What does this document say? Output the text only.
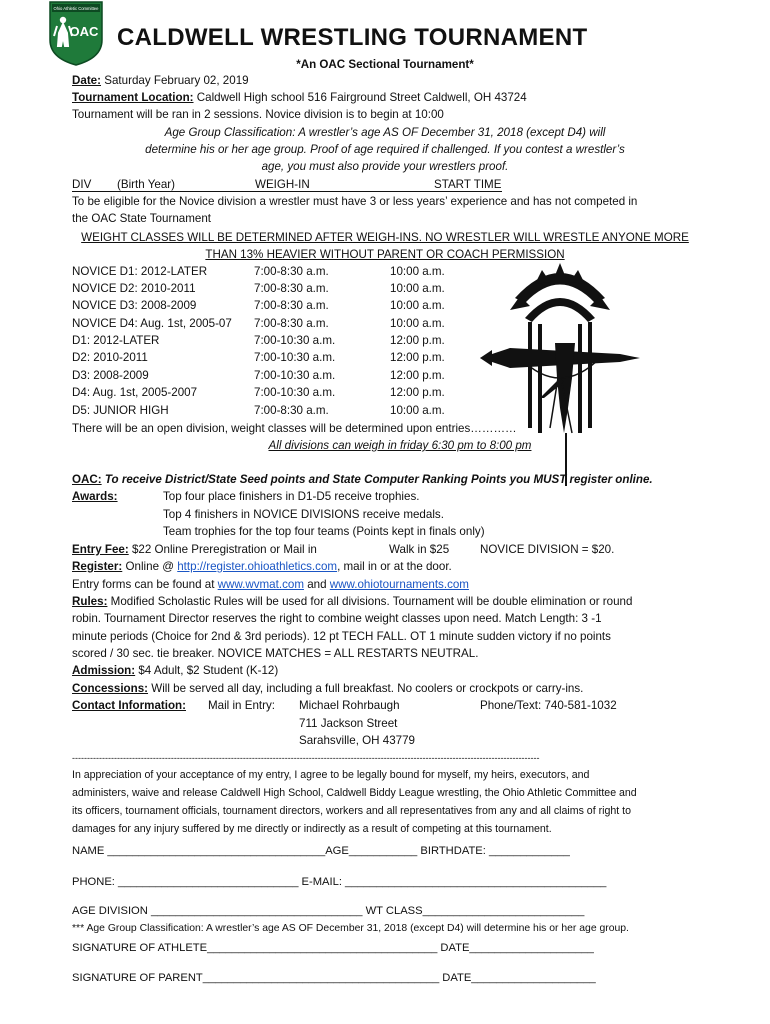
Ohio Athletic Committee
OAC CALDWELL WRESTLING TOURNAMENT
*An OAC Sectional Tournament*
Date: Saturday February 02, 2019
Tournament Location: Caldwell High school 516 Fairground Street Caldwell, OH 43724
Tournament will be ran in 2 sessions. Novice division is to begin at 10:00
Age Group Classification: A wrestler’s age AS OF December 31, 2018 (except D4) will
determine his or her age group. Proof of age required if challenged. If you contest a wrestler’s
age, you must also provide your wrestlers proof.
DIV (Birth Year)	WEIGH-IN	START TIME
To be eligible for the Novice division a wrestler must have 3 or less years’ experience and has not competed in
the OAC State Tournament
WEIGHT CLASSES WILL BE DETERMINED AFTER WEIGH-INS. NO WRESTLER WILL WRESTLE ANYONE MORE
THAN 13% HEAVIER WITHOUT PARENT OR COACH PERMISSION
NOVICE D1: 2012-LATER	7:00-8:30 a.m.	10:00 a.m.
NOVICE D2: 2010-2011	7:00-8:30 a.m.	10:00 a.m.
NOVICE D3: 2008-2009	7:00-8:30 a.m.	10:00 a.m.
NOVICE D4: Aug. 1st, 2005-07 7:00-8:30 a.m.	10:00 a.m.
D1: 2012-LATER	7:00-10:30 a.m.	12:00 p.m.
D2: 2010-2011	7:00-10:30 a.m.	12:00 p.m.
D3: 2008-2009	7:00-10:30 a.m.	12:00 p.m.
D4: Aug. 1st, 2005-2007	7:00-10:30 a.m.	12:00 p.m.
D5: JUNIOR HIGH	7:00-8:30 a.m.	10:00 a.m.
There will be an open division, weight classes will be determined upon entries…………
All divisions can weigh in friday 6:30 pm to 8:00 pm
OAC: To receive District/State Seed points and State Computer Ranking Points you MUST register online.
Awards:	Top four place finishers in D1-D5 receive trophies.
Top 4 finishers in NOVICE DIVISIONS receive medals.
Team trophies for the top four teams (Points kept in finals only)
Entry Fee: $22 Online Preregistration or Mail in	Walk in $25	NOVICE DIVISION = $20.
Register: Online @ http://register.ohioathletics.com, mail in or at the door.
Entry forms can be found at www.wvmat.com and www.ohiotournaments.com
Rules: Modified Scholastic Rules will be used for all divisions. Tournament will be double elimination or round
robin. Tournament Director reserves the right to combine weight classes upon need. Match Length: 3 -1
minute periods (Choice for 2nd & 3rd periods). 12 pt TECH FALL. OT 1 minute sudden victory if no points
scored / 30 sec. tie breaker. NOVICE MATCHES = ALL RESTARTS NEUTRAL.
Admission: $4 Adult, $2 Student (K-12)
Concessions: Will be served all day, including a full breakfast. No coolers or crockpots or carry-ins.
Contact Information: Mail in Entry: Michael Rohrbaugh	Phone/Text: 740-581-1032
711 Jackson Street
Sarahsville, OH 43779
------------------------------------------------------------------------------------------------------------------------------------------------------------
In appreciation of your acceptance of my entry, I agree to be legally bound for myself, my heirs, executors, and
administers, waive and release Caldwell High School, Caldwell Biddy League wrestling, the Ohio Athletic Committee and
its officers, tournament officials, tournament directors, workers and all representatives from any and all claims of right to
damages for any injury suffered by me directly or indirectly as a result of competing at this tournament.
NAME ___________________________________AGE___________ BIRTHDATE: _____________
PHONE: _____________________________ E-MAIL: __________________________________________
AGE DIVISION __________________________________ WT CLASS__________________________
*** Age Group Classification: A wrestler’s age AS OF December 31, 2018 (except D4) will determine his or her age group.
SIGNATURE OF ATHLETE_____________________________________ DATE____________________
SIGNATURE OF PARENT______________________________________ DATE____________________
